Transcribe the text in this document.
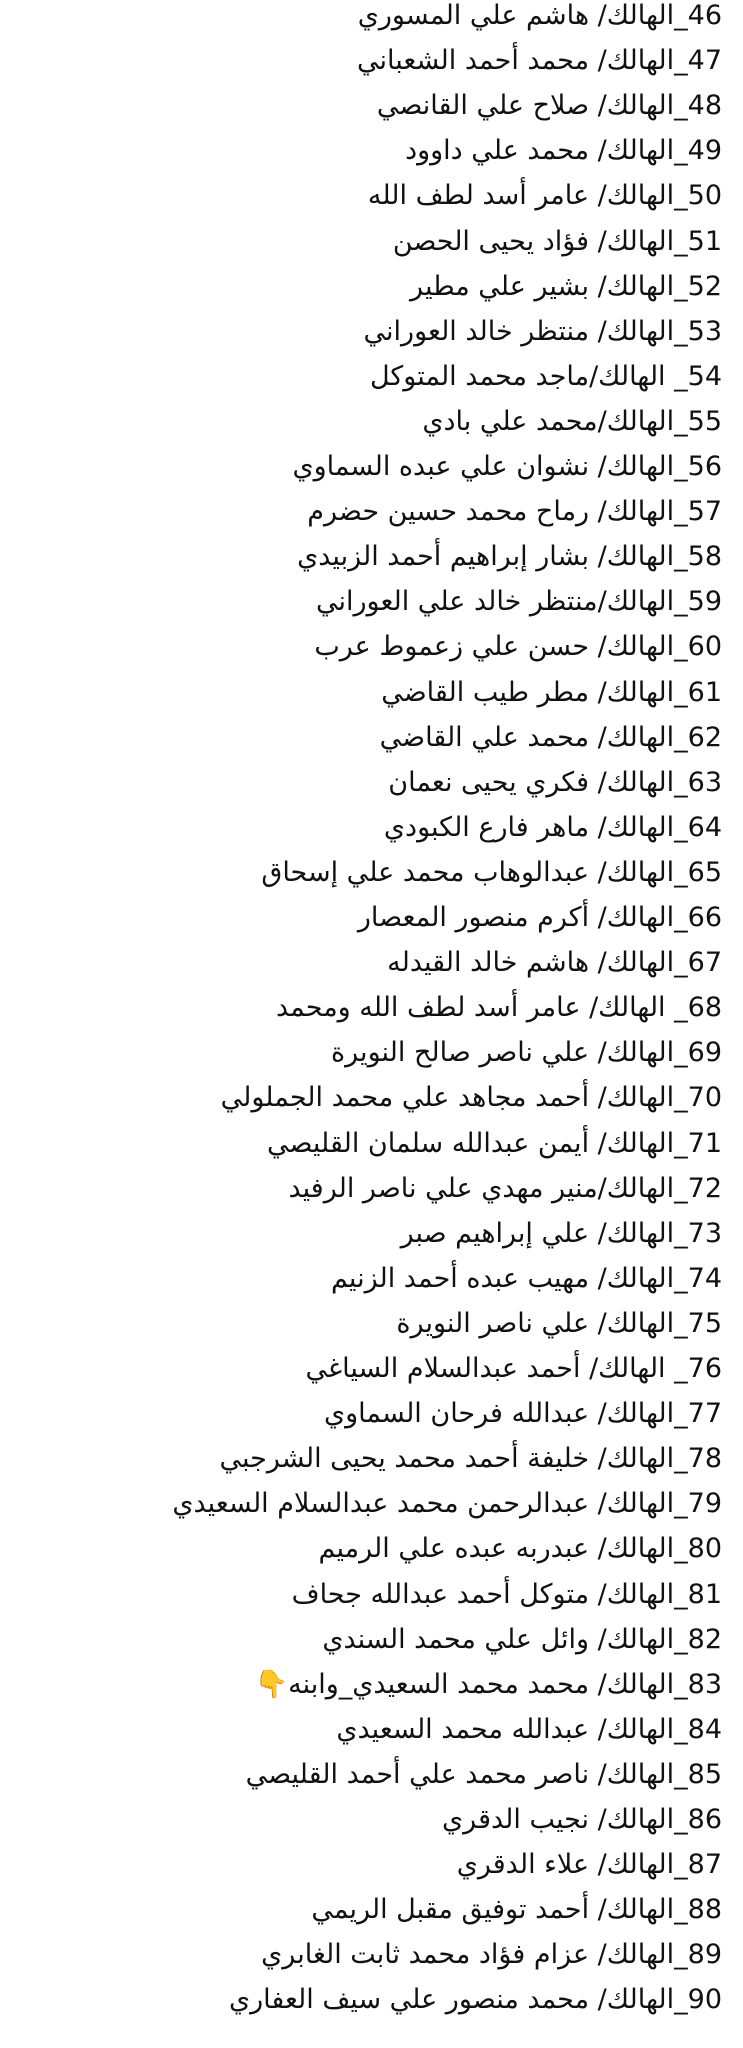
46_الهالك/ هاشم علي المسوري
47_الهالك/ محمد أحمد الشعباني
48_الهالك/ صلاح علي القانصي
49_الهالك/ محمد علي داوود
50_الهالك/ عامر أسد لطف الله
51_الهالك/ فؤاد يحيى الحصن
52_الهالك/ بشير علي مطير
53_الهالك/ منتظر خالد العوراني
54_ الهالك/ماجد محمد المتوكل
55_الهالك/محمد علي بادي
56_الهالك/ نشوان علي عبده السماوي
57_الهالك/ رماح محمد حسين حضرم
58_الهالك/ بشار إبراهيم أحمد الزبيدي
59_الهالك/منتظر خالد علي العوراني
60_الهالك/ حسن علي زعموط عرب
61_الهالك/ مطر طيب القاضي
62_الهالك/ محمد علي القاضي
63_الهالك/ فكري يحيى نعمان
64_الهالك/ ماهر فارع الكبودي
65_الهالك/ عبدالوهاب محمد علي إسحاق
66_الهالك/ أكرم منصور المعصار
67_الهالك/ هاشم خالد القيدله
68_ الهالك/ عامر أسد لطف الله ومحمد
69_الهالك/ علي ناصر صالح النويرة
70_الهالك/ أحمد مجاهد علي محمد الجملولي
71_الهالك/ أيمن عبدالله سلمان القليصي
72_الهالك/منير مهدي علي ناصر الرفيد
73_الهالك/ علي إبراهيم صبر
74_الهالك/ مهيب عبده أحمد الزنيم
75_الهالك/ علي ناصر النويرة
76_ الهالك/ أحمد عبدالسلام السياغي
77_الهالك/ عبدالله فرحان السماوي
78_الهالك/ خليفة أحمد محمد يحيى الشرجبي
79_الهالك/ عبدالرحمن محمد عبدالسلام السعيدي
80_الهالك/ عبدربه عبده علي الرميم
81_الهالك/ متوكل أحمد عبدالله جحاف
82_الهالك/ وائل علي محمد السندي
83_الهالك/ محمد محمد السعيدي_وابنه👇
84_الهالك/ عبدالله محمد السعيدي
85_الهالك/ ناصر محمد علي أحمد القليصي
86_الهالك/ نجيب الدقري
87_الهالك/ علاء الدقري
88_الهالك/ أحمد توفيق مقبل الريمي
89_الهالك/ عزام فؤاد محمد ثابت الغابري
90_الهالك/ محمد منصور علي سيف العفاري
